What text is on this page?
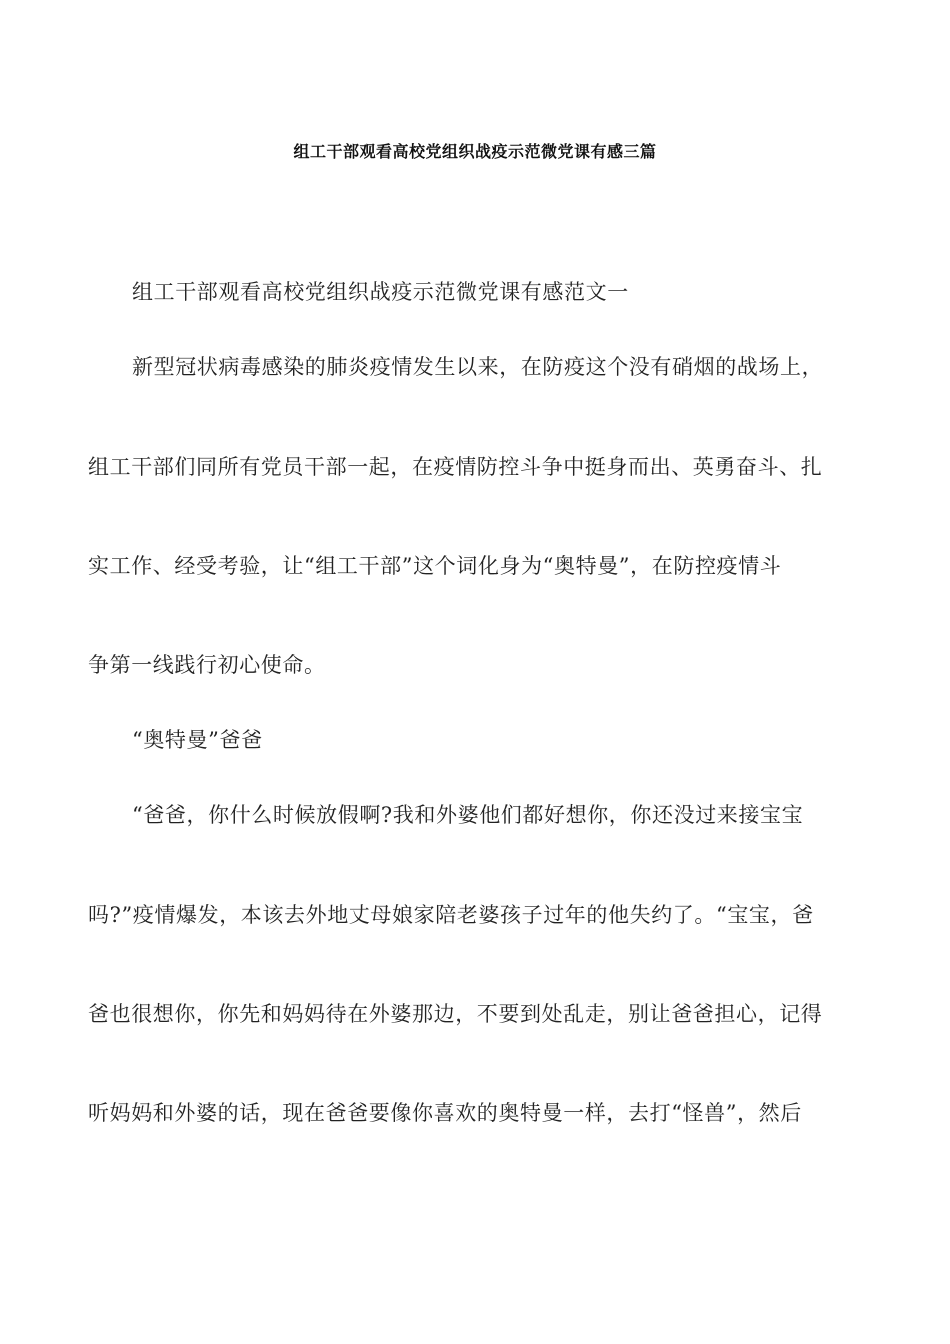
组工干部观看高校党组织战疫示范微党课有感三篇

组工干部观看高校党组织战疫示范微党课有感范文一

新型冠状病毒感染的肺炎疫情发生以来，在防疫这个没有硝烟的战场上，

组工干部们同所有党员干部一起，在疫情防控斗争中挺身而出、英勇奋斗、扎

实工作、经受考验，让“组工干部”这个词化身为“奥特曼”，在防控疫情斗

争第一线践行初心使命。

“奥特曼”爸爸

“爸爸，你什么时候放假啊?我和外婆他们都好想你，你还没过来接宝宝

吗?”疫情爆发，本该去外地丈母娘家陪老婆孩子过年的他失约了。“宝宝，爸

爸也很想你，你先和妈妈待在外婆那边，不要到处乱走，别让爸爸担心，记得

听妈妈和外婆的话，现在爸爸要像你喜欢的奥特曼一样，去打“怪兽”，然后
